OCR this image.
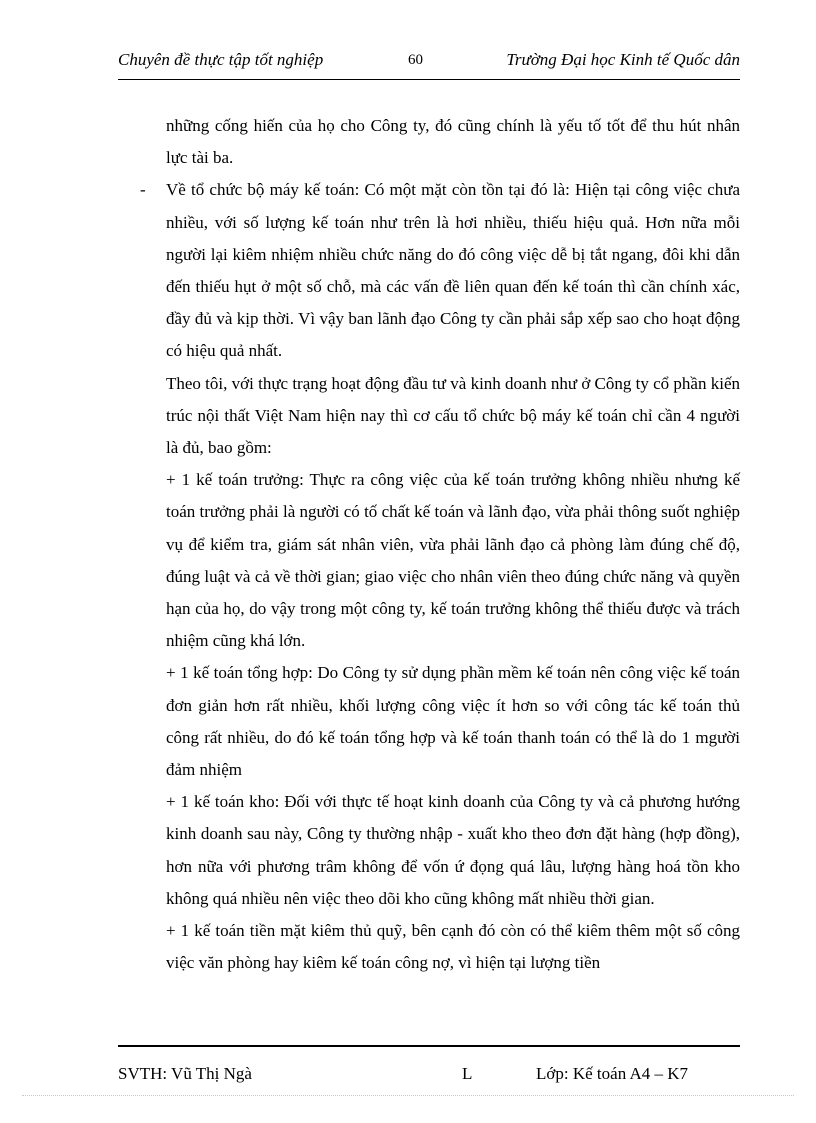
Chuyên đề thực tập tốt nghiệp	60	Trường Đại học Kinh tế Quốc dân

những cống hiến của họ cho Công ty, đó cũng chính là yếu tố tốt để thu hút nhân lực tài ba.

- Về tổ chức bộ máy kế toán: Có một mặt còn tồn tại đó là: Hiện tại công việc chưa nhiều, với số lượng kế toán như trên là hơi nhiều, thiếu hiệu quả. Hơn nữa mỗi người lại kiêm nhiệm nhiều chức năng do đó công việc dễ bị tắt ngang, đôi khi dẫn đến thiếu hụt ở một số chỗ, mà các vấn đề liên quan đến kế toán thì cần chính xác, đầy đủ và kịp thời. Vì vậy ban lãnh đạo Công ty cần phải sắp xếp sao cho hoạt động có hiệu quả nhất.

Theo tôi, với thực trạng hoạt động đầu tư và kinh doanh như ở Công ty cổ phần kiến trúc nội thất Việt Nam hiện nay thì cơ cấu tổ chức bộ máy kế toán chỉ cần 4 người là đủ, bao gồm:

+ 1 kế toán trưởng: Thực ra công việc của kế toán trưởng không nhiều nhưng kế toán trưởng phải là người có tố chất kế toán và lãnh đạo, vừa phải thông suốt nghiệp vụ để kiểm tra, giám sát nhân viên, vừa phải lãnh đạo cả phòng làm đúng chế độ, đúng luật và cả về thời gian; giao việc cho nhân viên theo đúng chức năng và quyền hạn của họ, do vậy trong một công ty, kế toán trưởng không thể thiếu được và trách nhiệm cũng khá lớn.

+ 1 kế toán tổng hợp: Do Công ty sử dụng phần mềm kế toán nên công việc kế toán đơn giản hơn rất nhiều, khối lượng công việc ít hơn so với công tác kế toán thủ công rất nhiều, do đó kế toán tổng hợp và kế toán thanh toán có thể là do 1 mgười đảm nhiệm

+ 1 kế toán kho: Đối với thực tế hoạt kinh doanh của Công ty và cả phương hướng kinh doanh sau này, Công ty thường nhập - xuất kho theo đơn đặt hàng (hợp đồng), hơn nữa với phương trâm không để vốn ứ đọng quá lâu, lượng hàng hoá tồn kho không quá nhiều nên việc theo dõi kho cũng không mất nhiều thời gian.

+ 1 kế toán tiền mặt kiêm thủ quỹ, bên cạnh đó còn có thể kiêm thêm một số công việc văn phòng hay kiêm kế toán công nợ, vì hiện tại lượng tiền

SVTH: Vũ Thị Ngà	L	Lớp: Kế toán A4 – K7
